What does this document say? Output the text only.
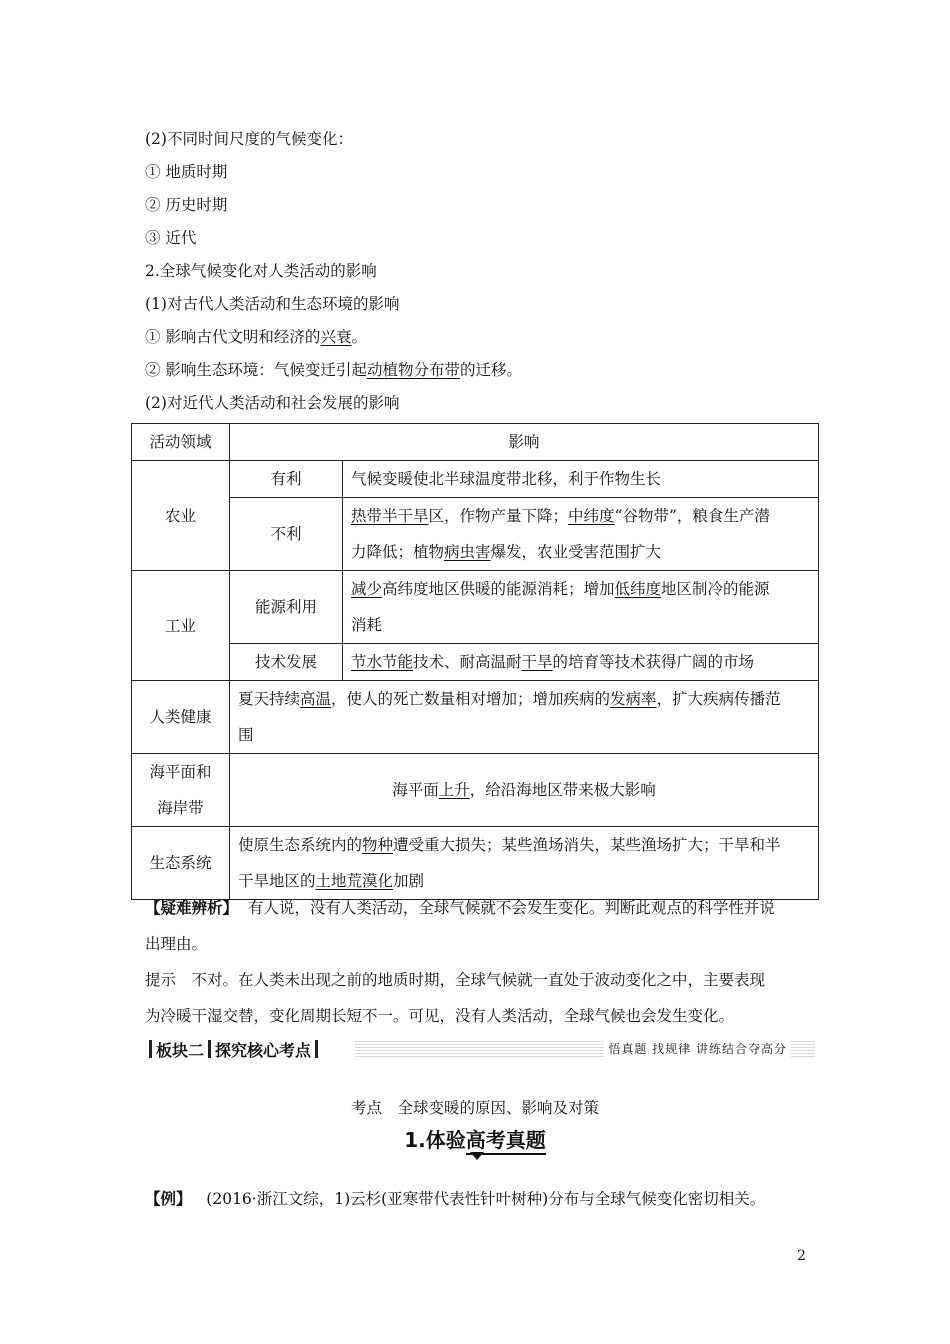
(2)不同时间尺度的气候变化：
① 地质时期
② 历史时期
③ 近代
2.全球气候变化对人类活动的影响
(1)对古代人类活动和生态环境的影响
① 影响古代文明和经济的兴衰。
② 影响生态环境：气候变迁引起动植物分布带的迁移。
(2)对近代人类活动和社会发展的影响
活动领域	影响	
农业	有利	气候变暖使北半球温度带北移，利于作物生长
	不利	热带半干旱区，作物产量下降；中纬度“谷物带”，粮食生产潜
力降低；植物病虫害爆发，农业受害范围扩大
工业	能源利用	减少高纬度地区供暖的能源消耗；增加低纬度地区制冷的能源
消耗
	技术发展	节水节能技术、耐高温耐干旱的培育等技术获得广阔的市场
人类健康	夏天持续高温，使人的死亡数量相对增加；增加疾病的发病率，扩大疾病传播范
围	
海平面和
海岸带	海平面上升，给沿海地区带来极大影响	
生态系统	使原生态系统内的物种遭受重大损失；某些渔场消失，某些渔场扩大；干旱和半
干旱地区的土地荒漠化加剧	
【疑难辨析】 有人说，没有人类活动，全球气候就不会发生变化。判断此观点的科学性并说
出理由。
提示　不对。在人类未出现之前的地质时期，全球气候就一直处于波动变化之中，主要表现
为冷暖干湿交替，变化周期长短不一。可见，没有人类活动，全球气候也会发生变化。
板块二 探究核心考点	悟真题 找规律 讲练结合夺高分
考点　全球变暖的原因、影响及对策
1.体验高考真题
【例】 (2016·浙江文综，1)云杉(亚寒带代表性针叶树种)分布与全球气候变化密切相关。
2
